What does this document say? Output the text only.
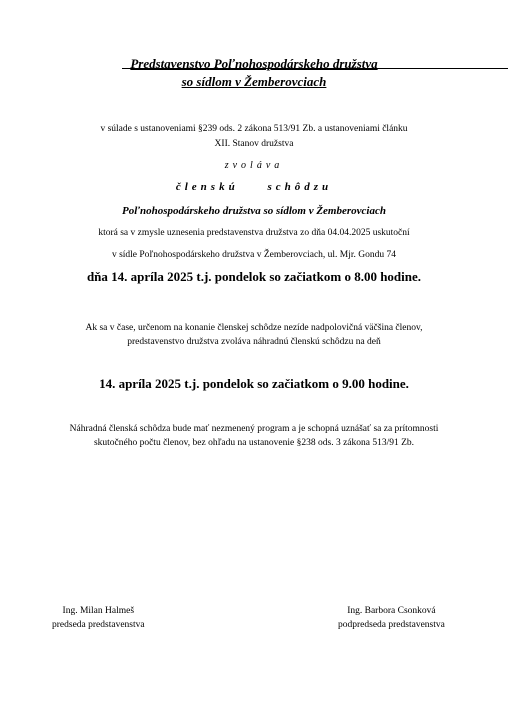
Predstavenstvo Poľnohospodárskeho družstva

so sídlom v Žemberovciach

v súlade s ustanoveniami §239 ods. 2 zákona 513/91 Zb. a ustanoveniami článku

XII. Stanov družstva

zvoláva

členskú schôdzu

Poľnohospodárskeho družstva so sídlom v Žemberovciach

ktorá sa v zmysle uznesenia predstavenstva družstva zo dňa 04.04.2025 uskutoční

v sídle Poľnohospodárskeho družstva v Žemberovciach, ul. Mjr. Gondu 74

dňa 14. apríla 2025 t.j. pondelok so začiatkom o 8.00 hodine.

Ak sa v čase, určenom na konanie členskej schôdze nezíde nadpolovičná väčšina členov,

predstavenstvo družstva zvoláva náhradnú členskú schôdzu na deň

14. apríla 2025 t.j. pondelok so začiatkom o 9.00 hodine.

Náhradná členská schôdza bude mať nezmenený program a je schopná uznášať sa za prítomnosti

skutočného počtu členov, bez ohľadu na ustanovenie §238 ods. 3 zákona 513/91 Zb.

Ing. Milan Halmeš
predseda predstavenstva
Ing. Barbora Csonková
podpredseda predstavenstva
